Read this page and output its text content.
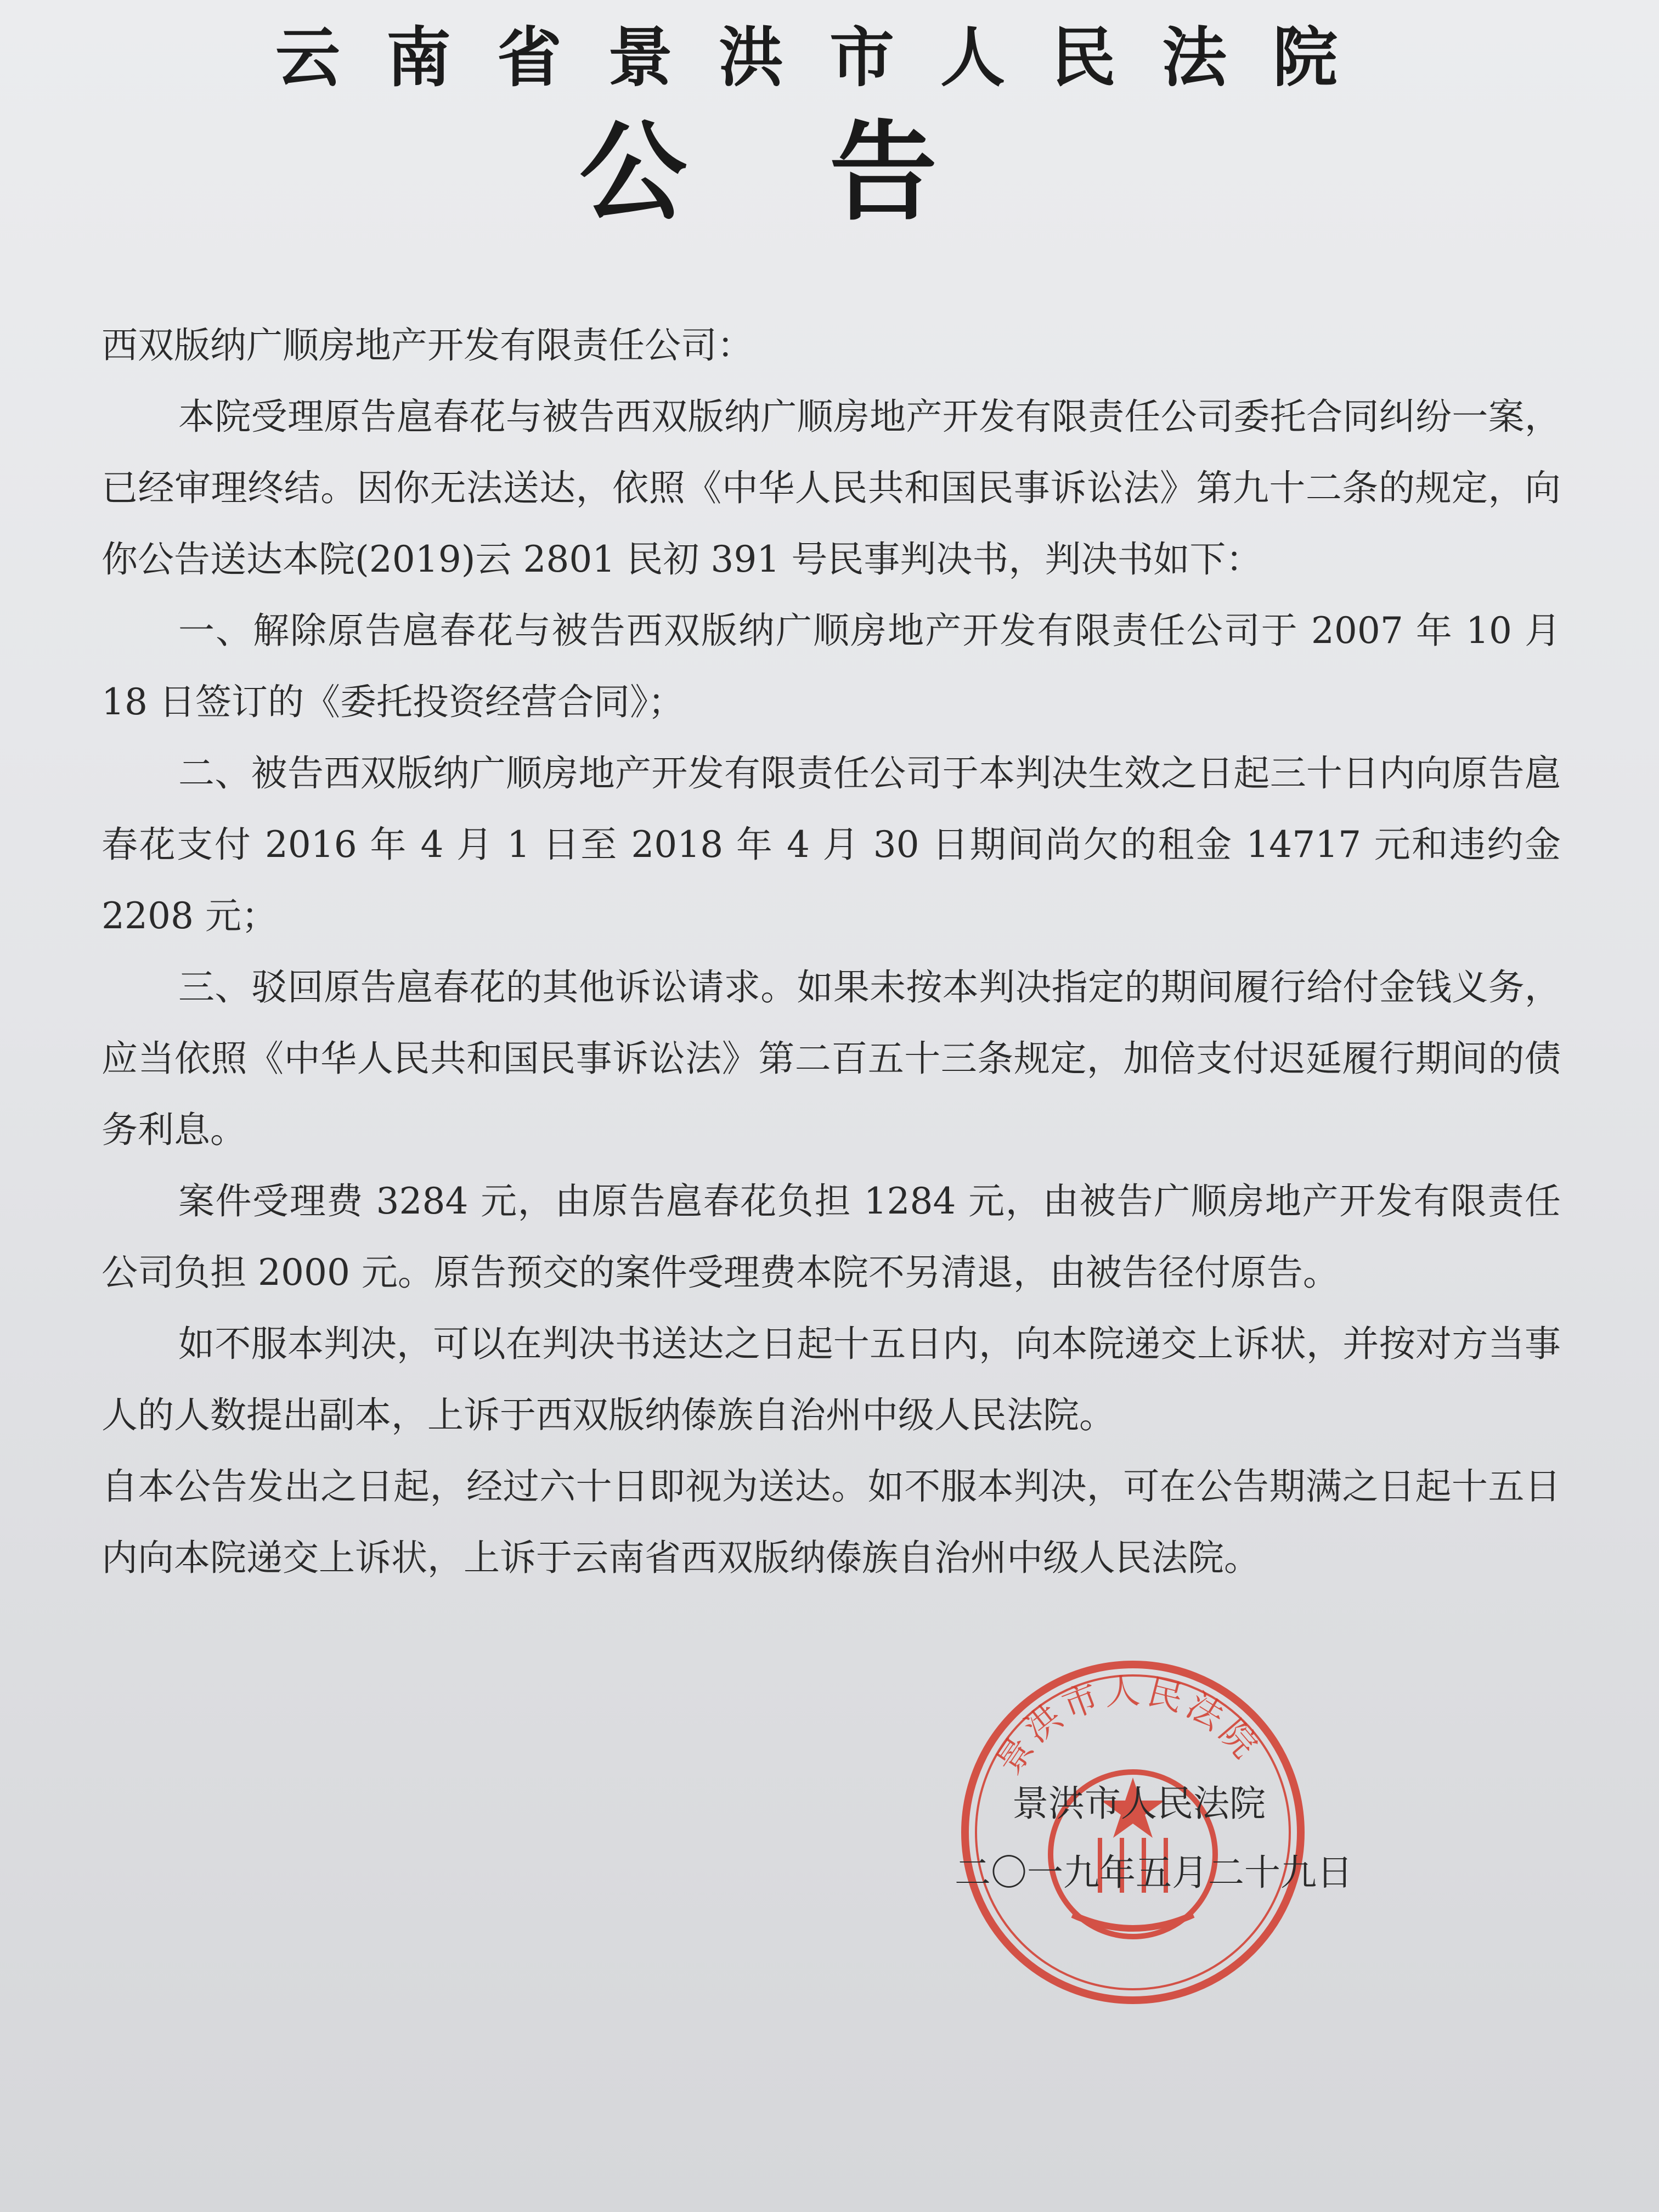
云南省景洪市人民法院
公告

西双版纳广顺房地产开发有限责任公司：

本院受理原告扈春花与被告西双版纳广顺房地产开发有限责任公司委托合同纠纷一案，已经审理终结。因你无法送达，依照《中华人民共和国民事诉讼法》第九十二条的规定，向你公告送达本院(2019)云 2801 民初 391 号民事判决书，判决书如下：

一、解除原告扈春花与被告西双版纳广顺房地产开发有限责任公司于 2007 年 10 月 18 日签订的《委托投资经营合同》；

二、被告西双版纳广顺房地产开发有限责任公司于本判决生效之日起三十日内向原告扈春花支付 2016 年 4 月 1 日至 2018 年 4 月 30 日期间尚欠的租金 14717 元和违约金 2208 元；

三、驳回原告扈春花的其他诉讼请求。如果未按本判决指定的期间履行给付金钱义务，应当依照《中华人民共和国民事诉讼法》第二百五十三条规定，加倍支付迟延履行期间的债务利息。

案件受理费 3284 元，由原告扈春花负担 1284 元，由被告广顺房地产开发有限责任公司负担 2000 元。原告预交的案件受理费本院不另清退，由被告径付原告。

如不服本判决，可以在判决书送达之日起十五日内，向本院递交上诉状，并按对方当事人的人数提出副本，上诉于西双版纳傣族自治州中级人民法院。

自本公告发出之日起，经过六十日即视为送达。如不服本判决，可在公告期满之日起十五日内向本院递交上诉状，上诉于云南省西双版纳傣族自治州中级人民法院。

景洪市人民法院
景洪市人民法院
二〇一九年五月二十九日
